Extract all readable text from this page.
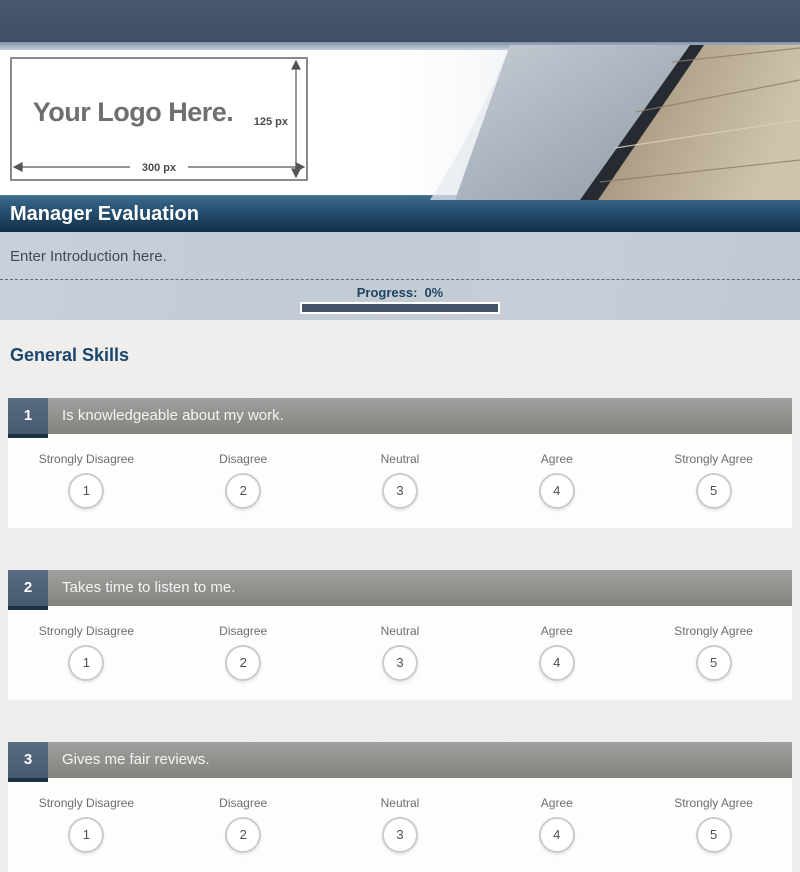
Your Logo Here.	125 px
300 px
Manager Evaluation
Enter Introduction here.
Progress: 0%
General Skills
1	Is knowledgeable about my work.
Strongly Disagree
1
Disagree
2
Neutral
3
Agree
4
Strongly Agree
5
2	Takes time to listen to me.
Strongly Disagree
1
Disagree
2
Neutral
3
Agree
4
Strongly Agree
5
3	Gives me fair reviews.
Strongly Disagree
1
Disagree
2
Neutral
3
Agree
4
Strongly Agree
5
